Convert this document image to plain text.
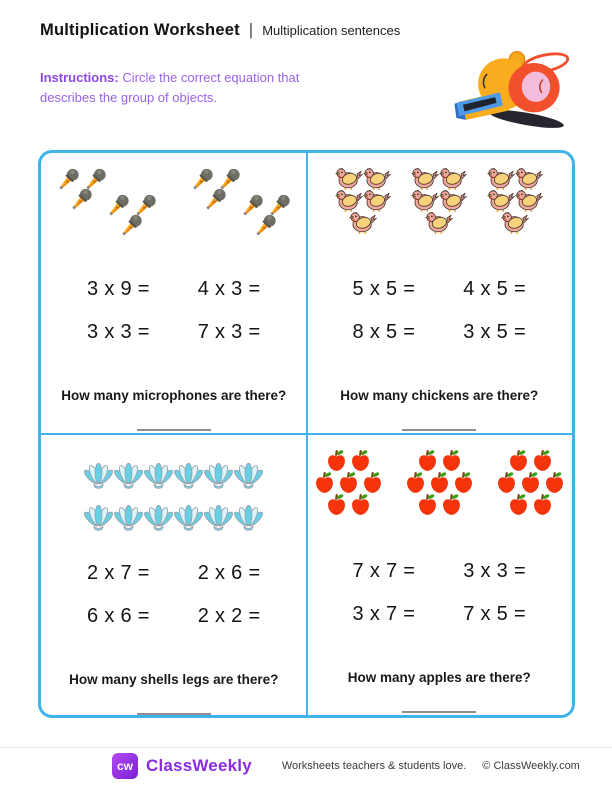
Multiplication Worksheet | Multiplication sentences
Instructions: Circle the correct equation that describes the group of objects.
3 x 9 = 4 x 3 =
3 x 3 = 7 x 3 =
How many microphones are there?
5 x 5 = 4 x 5 =
8 x 5 = 3 x 5 =
How many chickens are there?
2 x 7 = 2 x 6 =
6 x 6 = 2 x 2 =
How many shells legs are there?
7 x 7 = 3 x 3 =
3 x 7 = 7 x 5 =
How many apples are there?
cw ClassWeekly	Worksheets teachers & students love. © ClassWeekly.com
